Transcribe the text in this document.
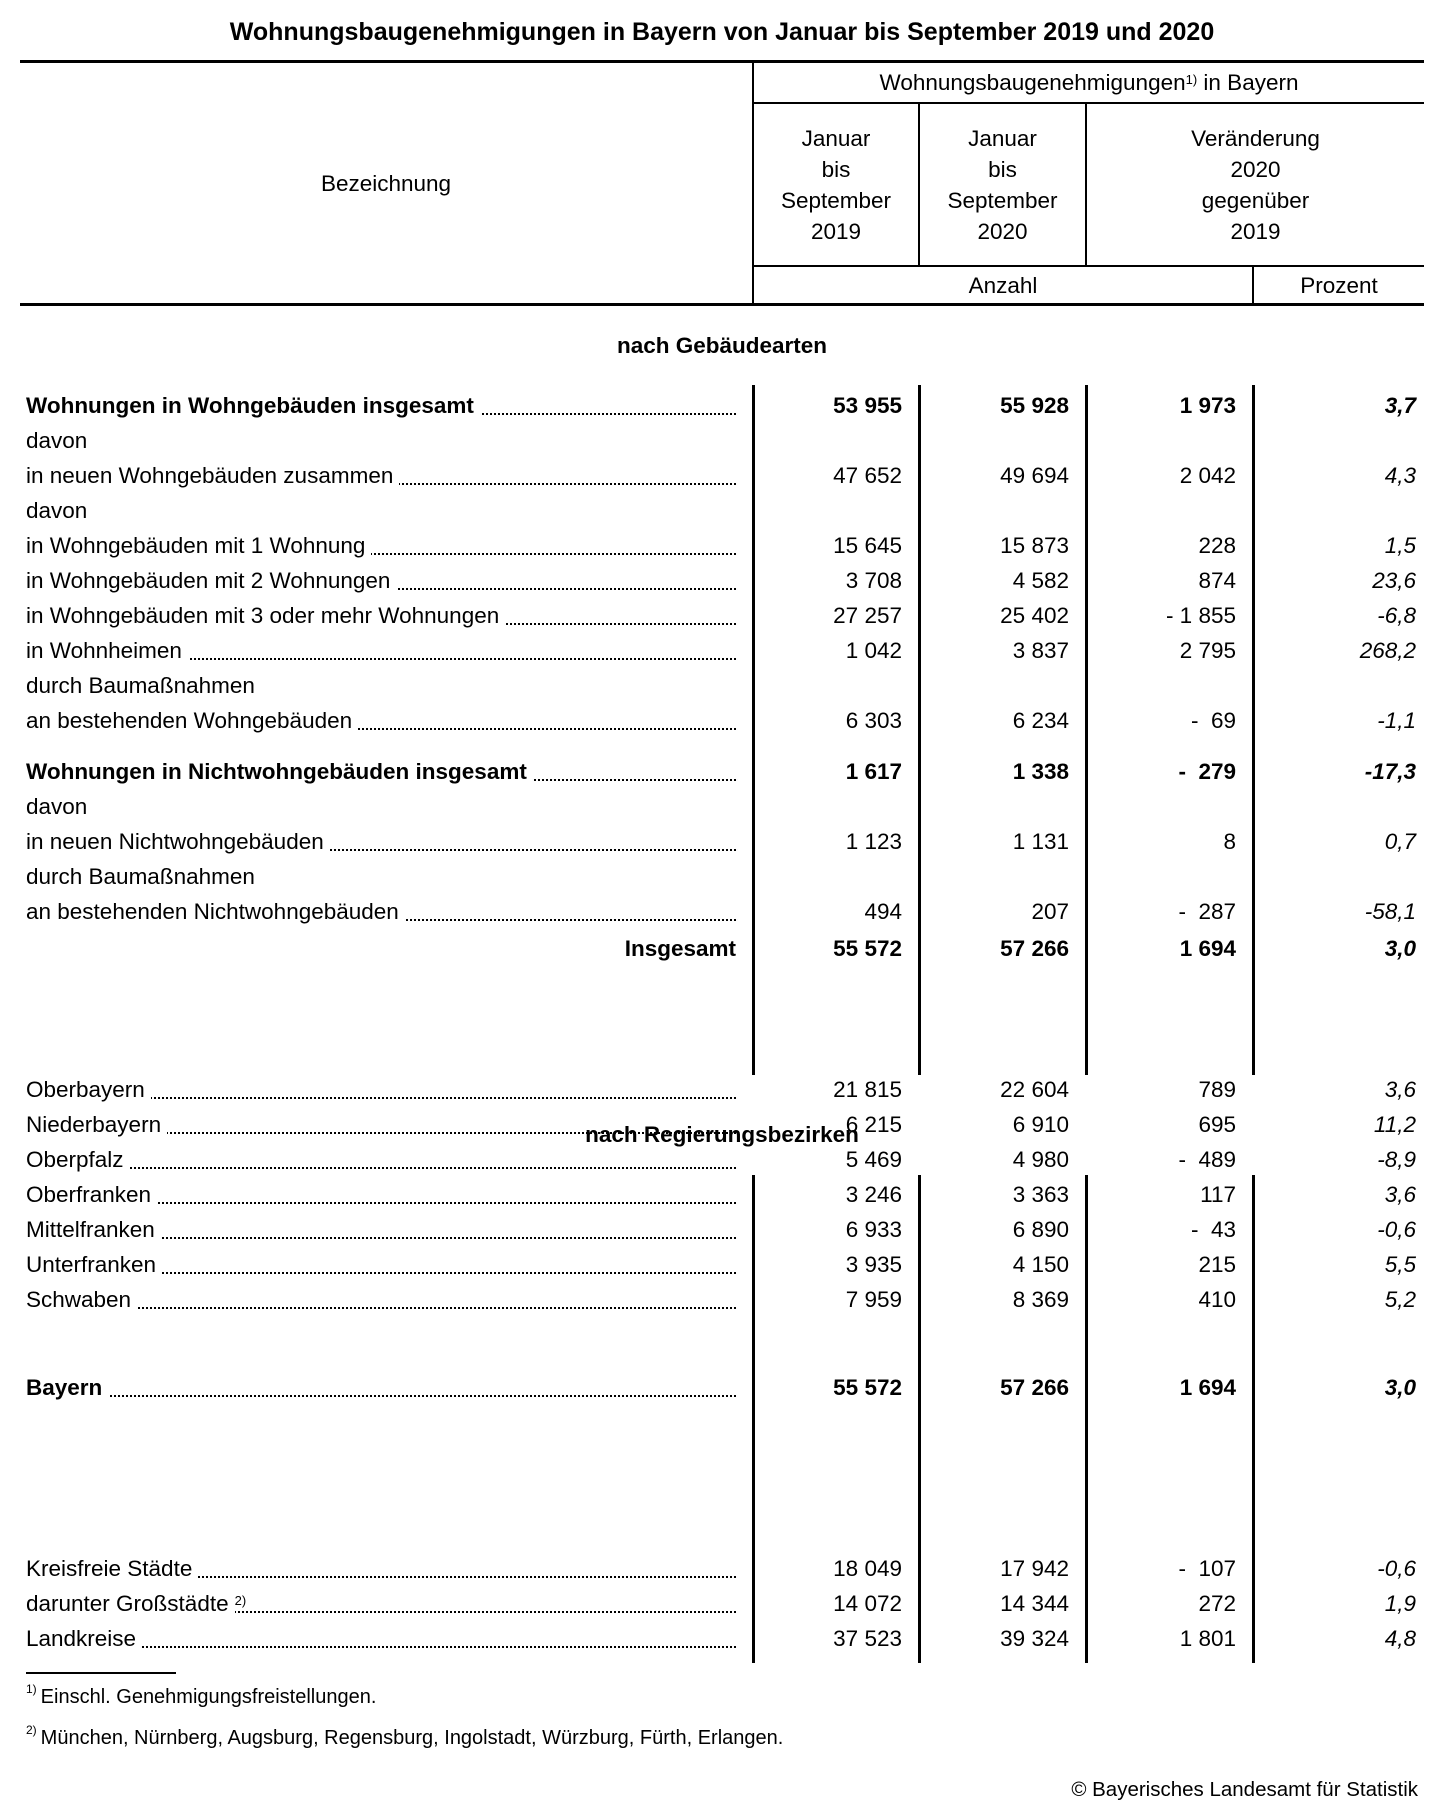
Wohnungsbaugenehmigungen in Bayern von Januar bis September 2019 und 2020
Bezeichnung
Wohnungsbaugenehmigungen$^{1)}$ in Bayern
Januar
bis
September
2019
Januar
bis
September
2020
Veränderung
2020
gegenüber
2019
Anzahl	Prozent
nach Gebäudearten
nach Regierungsbezirken
Wohnungen in Wohngebäuden insgesamt	53 955	55 928	1 973	3,7
davon
in neuen Wohngebäuden zusammen	47 652	49 694	2 042	4,3
davon
in Wohngebäuden mit 1 Wohnung	15 645	15 873	228	1,5
in Wohngebäuden mit 2 Wohnungen	3 708	4 582	874	23,6
in Wohngebäuden mit 3 oder mehr Wohnungen	27 257	25 402	- 1 855	-6,8
in Wohnheimen	1 042	3 837	2 795	268,2
durch Baumaßnahmen
an bestehenden Wohngebäuden	6 303	6 234	-  69	-1,1
Wohnungen in Nichtwohngebäuden insgesamt	1 617	1 338	-  279	-17,3
davon
in neuen Nichtwohngebäuden	1 123	1 131	8	0,7
durch Baumaßnahmen
an bestehenden Nichtwohngebäuden	494	207	-  287	-58,1
Insgesamt	55 572	57 266	1 694	3,0
Oberbayern	21 815	22 604	789	3,6
Niederbayern	6 215	6 910	695	11,2
Oberpfalz	5 469	4 980	-  489	-8,9
Oberfranken	3 246	3 363	117	3,6
Mittelfranken	6 933	6 890	-  43	-0,6
Unterfranken	3 935	4 150	215	5,5
Schwaben	7 959	8 369	410	5,2
Bayern	55 572	57 266	1 694	3,0
Kreisfreie Städte	18 049	17 942	-  107	-0,6
darunter Großstädte $^{2)}$	14 072	14 344	272	1,9
Landkreise	37 523	39 324	1 801	4,8
$^{1)}$ Einschl. Genehmigungsfreistellungen.
$^{2)}$ München, Nürnberg, Augsburg, Regensburg, Ingolstadt, Würzburg, Fürth, Erlangen.
© Bayerisches Landesamt für Statistik
